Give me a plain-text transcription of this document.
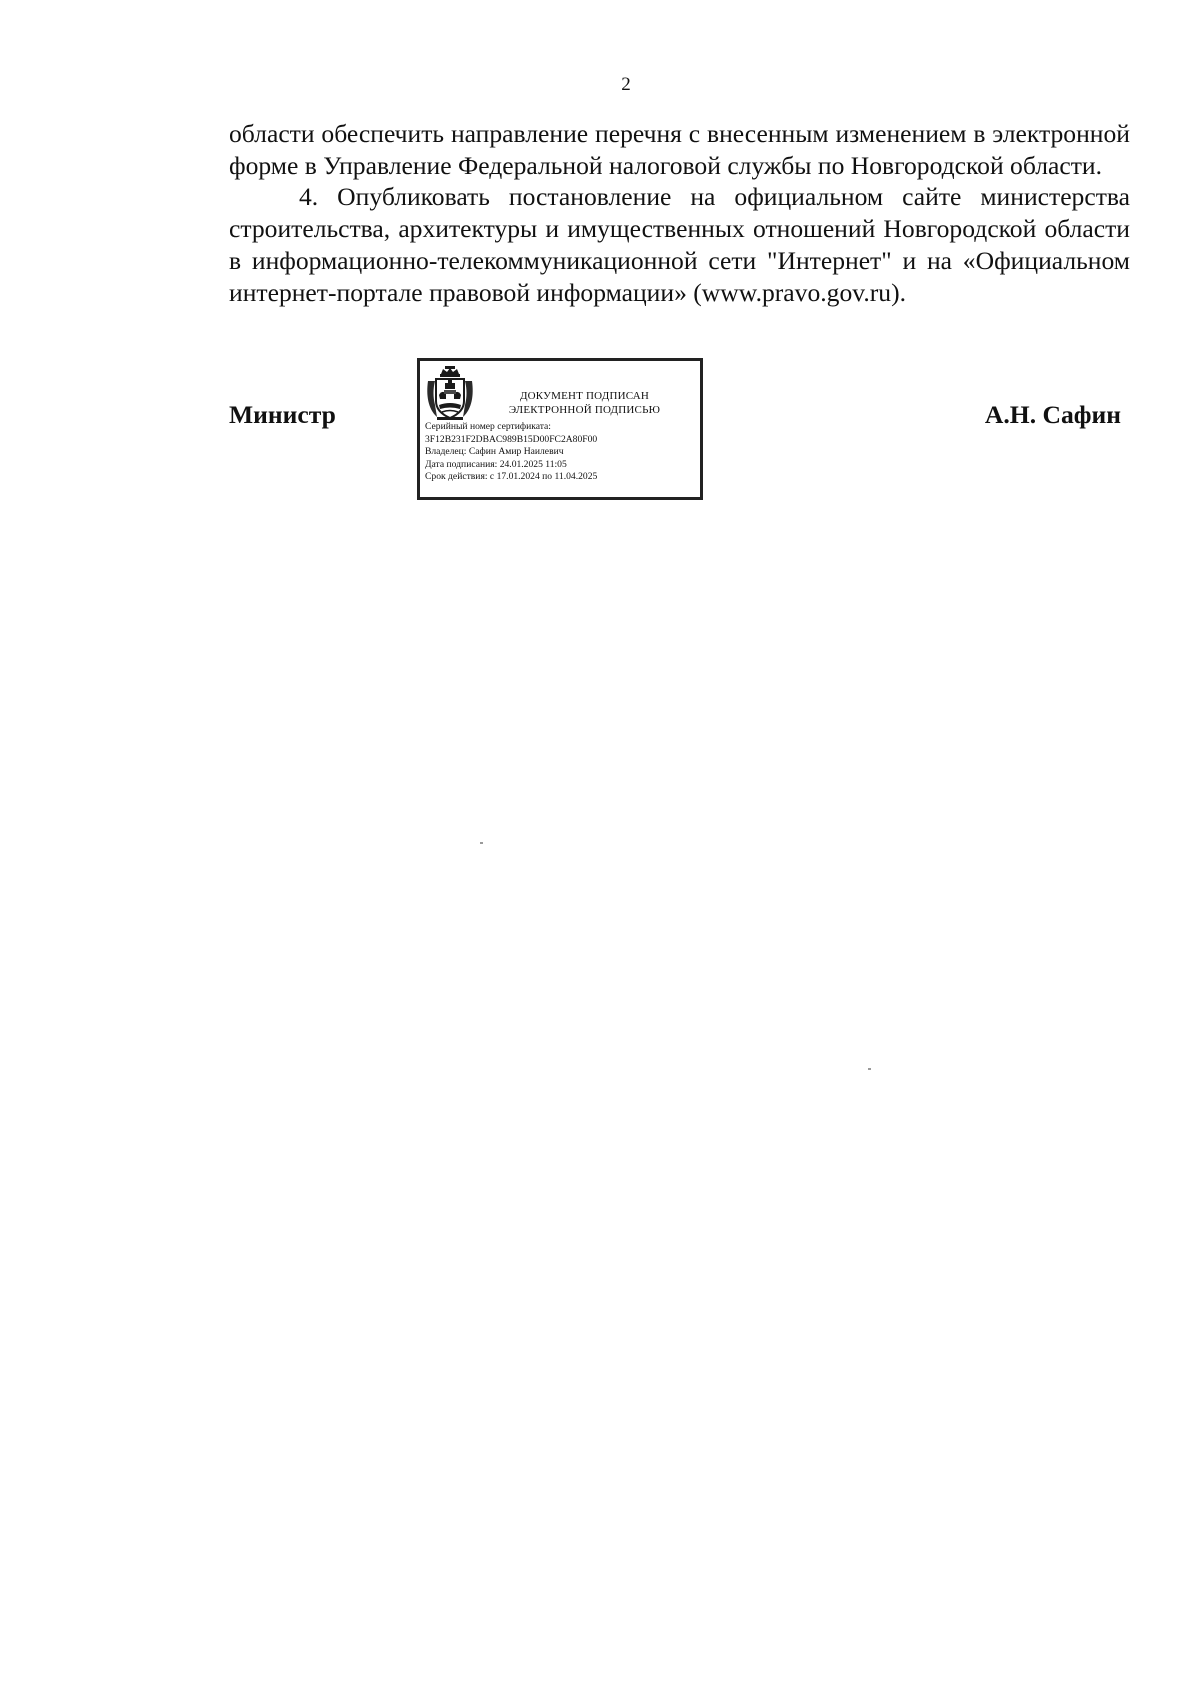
2

области обеспечить направление перечня с внесенным изменением в электронной форме в Управление Федеральной налоговой службы по Новгородской области.

4. Опубликовать постановление на официальном сайте министерства строительства, архитектуры и имущественных отношений Новгородской области в информационно-телекоммуникационной сети "Интернет" и на «Официальном интернет-портале правовой информации» (www.pravo.gov.ru).

Министр
ДОКУМЕНТ ПОДПИСАН
ЭЛЕКТРОННОЙ ПОДПИСЬЮ
Серийный номер сертификата:
3F12B231F2DBAC989B15D00FC2A80F00
Владелец: Сафин Амир Наилевич
Дата подписания: 24.01.2025 11:05
Срок действия: с 17.01.2024 по 11.04.2025
А.Н. Сафин
